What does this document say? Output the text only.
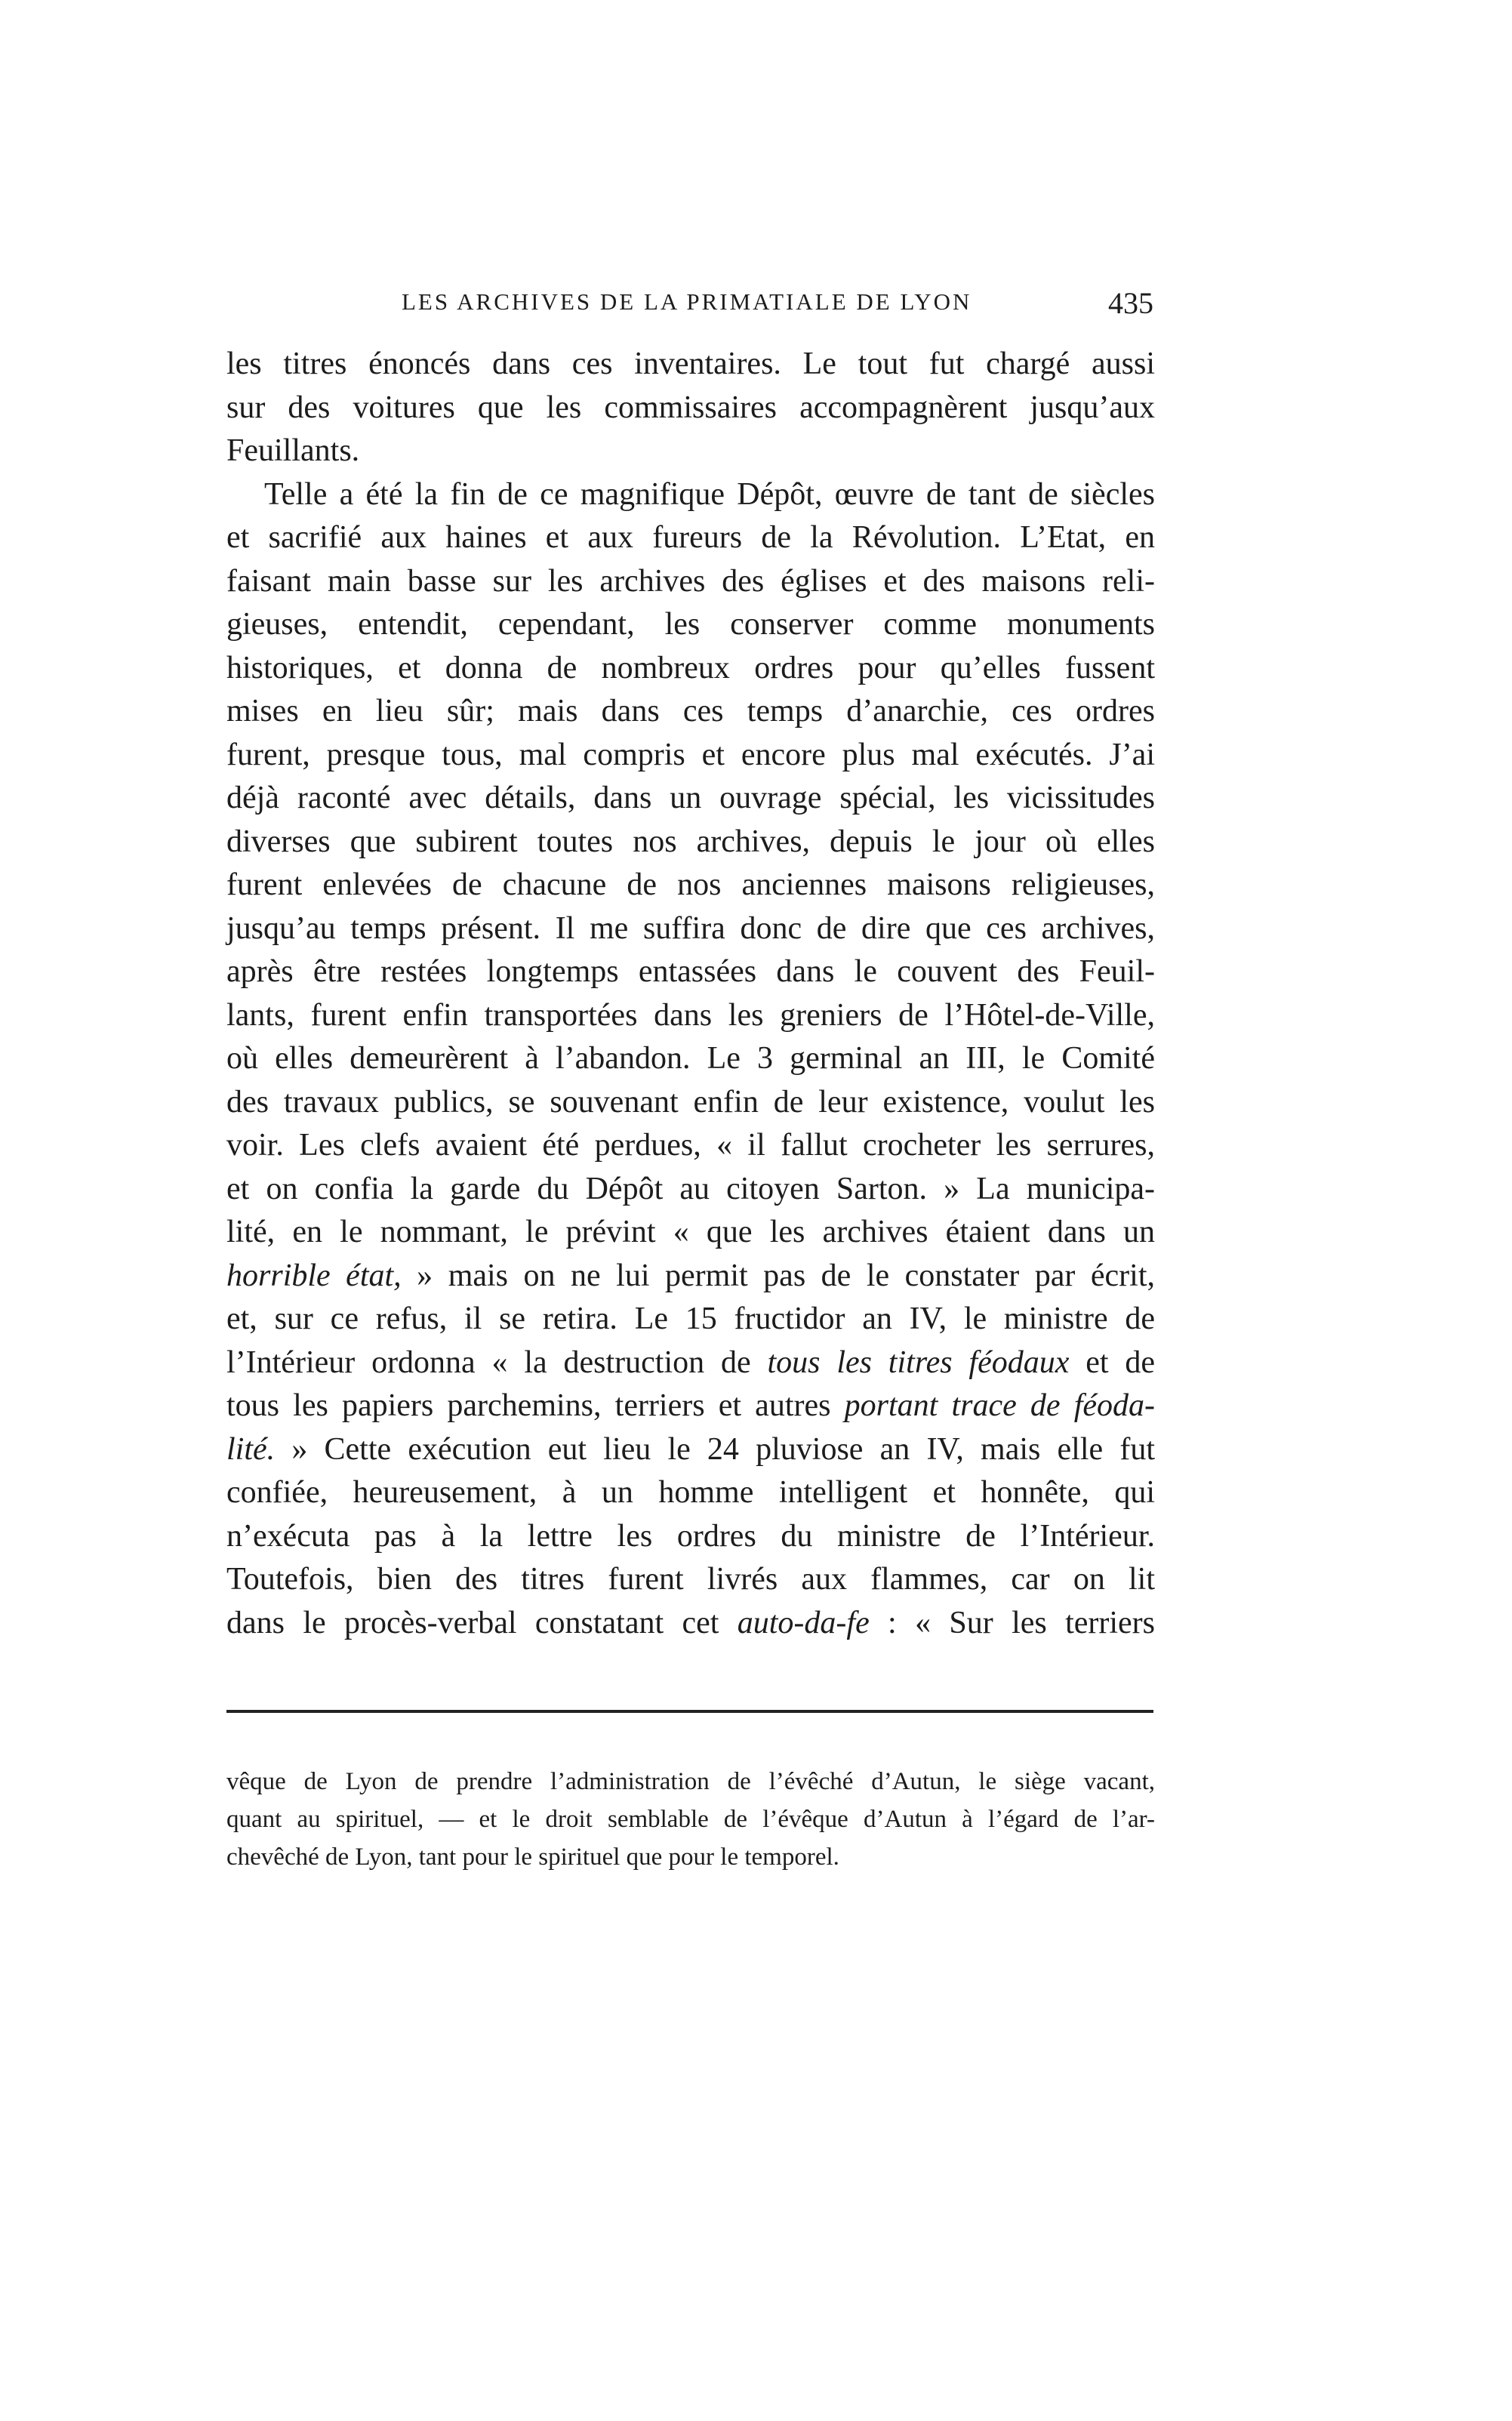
LES ARCHIVES DE LA PRIMATIALE DE LYON	435
les titres énoncés dans ces inventaires. Le tout fut chargé aussi
sur des voitures que les commissaires accompagnèrent jusqu’aux
Feuillants.
Telle a été la fin de ce magnifique Dépôt, œuvre de tant de siècles
et sacrifié aux haines et aux fureurs de la Révolution. L’Etat, en
faisant main basse sur les archives des églises et des maisons reli-
gieuses, entendit, cependant, les conserver comme monuments
historiques, et donna de nombreux ordres pour qu’elles fussent
mises en lieu sûr; mais dans ces temps d’anarchie, ces ordres
furent, presque tous, mal compris et encore plus mal exécutés. J’ai
déjà raconté avec détails, dans un ouvrage spécial, les vicissitudes
diverses que subirent toutes nos archives, depuis le jour où elles
furent enlevées de chacune de nos anciennes maisons religieuses,
jusqu’au temps présent. Il me suffira donc de dire que ces archives,
après être restées longtemps entassées dans le couvent des Feuil-
lants, furent enfin transportées dans les greniers de l’Hôtel-de-Ville,
où elles demeurèrent à l’abandon. Le 3 germinal an III, le Comité
des travaux publics, se souvenant enfin de leur existence, voulut les
voir. Les clefs avaient été perdues, « il fallut crocheter les serrures,
et on confia la garde du Dépôt au citoyen Sarton. » La municipa-
lité, en le nommant, le prévint « que les archives étaient dans un
horrible état, » mais on ne lui permit pas de le constater par écrit,
et, sur ce refus, il se retira. Le 15 fructidor an IV, le ministre de
l’Intérieur ordonna « la destruction de tous les titres féodaux et de
tous les papiers parchemins, terriers et autres portant trace de féoda-
lité. » Cette exécution eut lieu le 24 pluviose an IV, mais elle fut
confiée, heureusement, à un homme intelligent et honnête, qui
n’exécuta pas à la lettre les ordres du ministre de l’Intérieur.
Toutefois, bien des titres furent livrés aux flammes, car on lit
dans le procès-verbal constatant cet auto-da-fe : « Sur les terriers
vêque de Lyon de prendre l’administration de l’évêché d’Autun, le siège vacant,
quant au spirituel, — et le droit semblable de l’évêque d’Autun à l’égard de l’ar-
chevêché de Lyon, tant pour le spirituel que pour le temporel.
